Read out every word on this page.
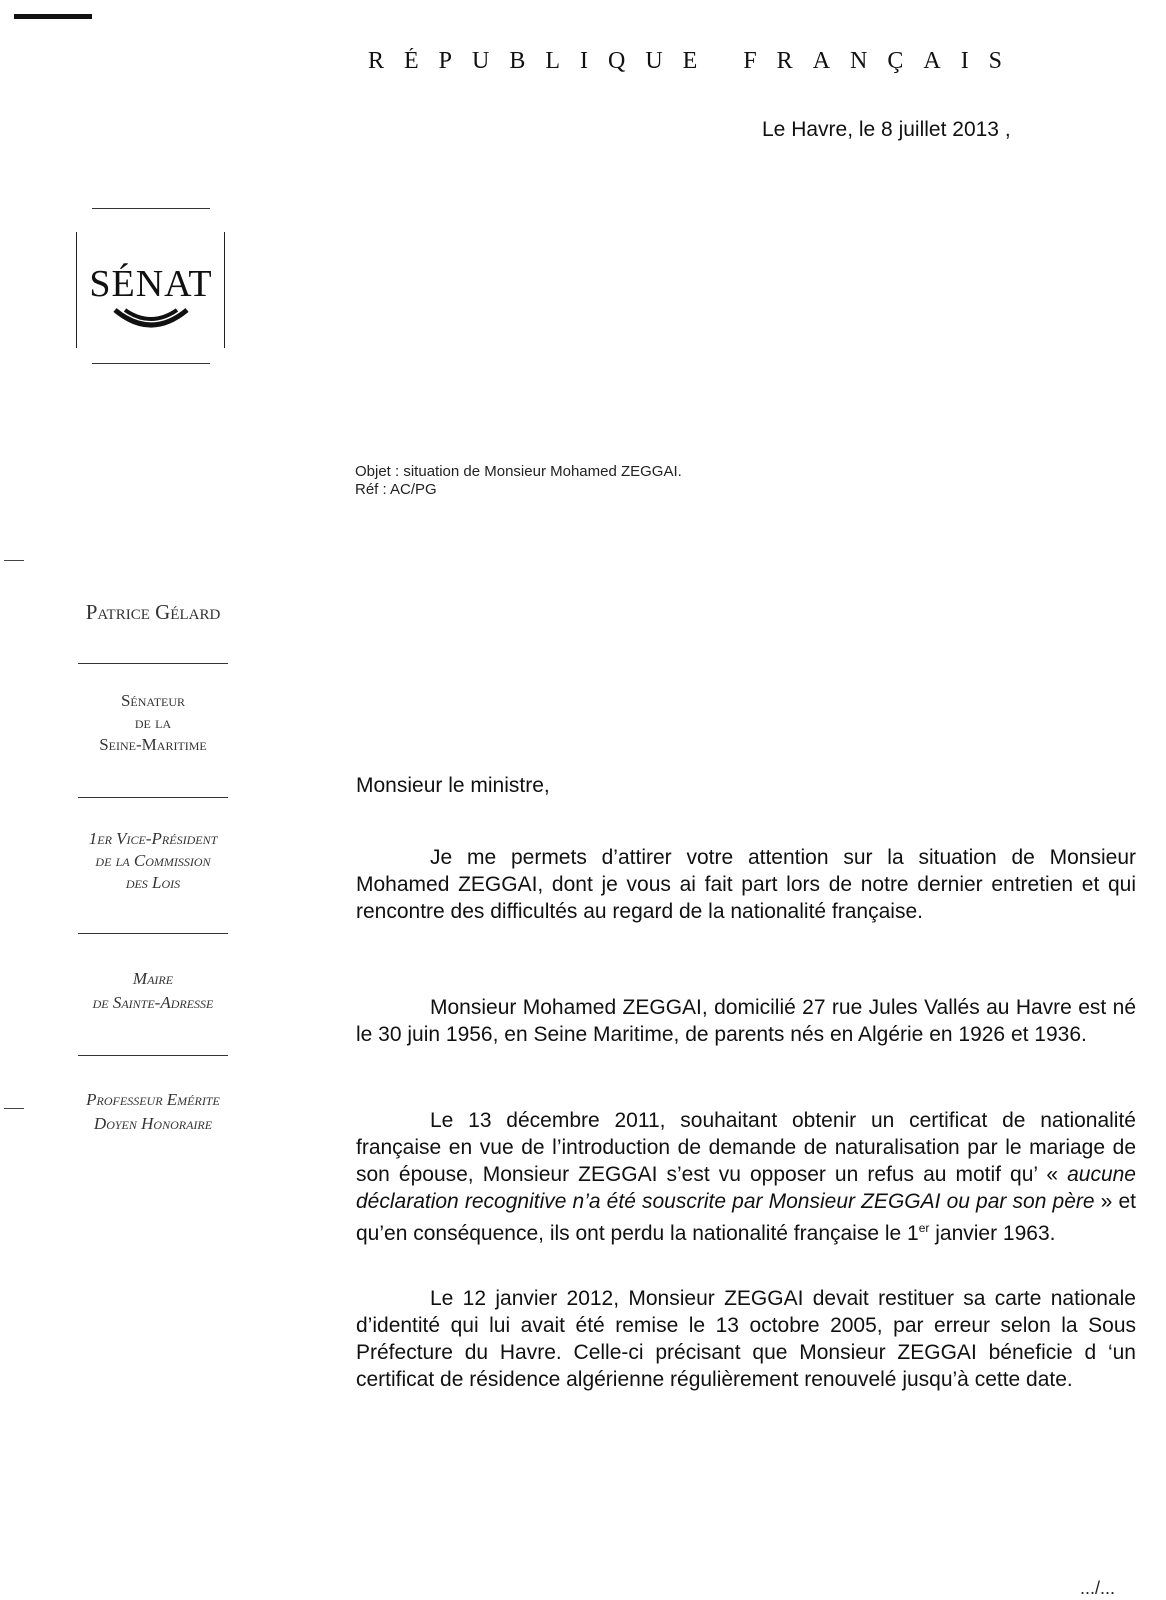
RÉPUBLIQUE FRANÇAIS
Le Havre, le 8 juillet 2013 ,
SÉNAT
Objet : situation de Monsieur Mohamed ZEGGAI.
Réf : AC/PG
Patrice Gélard
Sénateur
de la
Seine-Maritime
1er Vice-Président
de la Commission
des Lois
Maire
de Sainte-Adresse
Professeur Emérite
Doyen Honoraire
Monsieur le ministre,

Je me permets d’attirer votre attention sur la situation de Monsieur Mohamed ZEGGAI, dont je vous ai fait part lors de notre dernier entretien et qui rencontre des difficultés au regard de la nationalité française.

Monsieur Mohamed ZEGGAI, domicilié 27 rue Jules Vallés au Havre est né le 30 juin 1956, en Seine Maritime, de parents nés en Algérie en 1926 et 1936.

Le 13 décembre 2011, souhaitant obtenir un certificat de nationalité française en vue de l’introduction de demande de naturalisation par le mariage de son épouse, Monsieur ZEGGAI s’est vu opposer un refus au motif qu’ « aucune déclaration recognitive n’a été souscrite par Monsieur ZEGGAI ou par son père » et qu’en conséquence, ils ont perdu la nationalité française le 1er janvier 1963.

Le 12 janvier 2012, Monsieur ZEGGAI devait restituer sa carte nationale d’identité qui lui avait été remise le 13 octobre 2005, par erreur selon la Sous Préfecture du Havre. Celle-ci précisant que Monsieur ZEGGAI béneficie d ‘un certificat de résidence algérienne régulièrement renouvelé jusqu’à cette date.

.../...
